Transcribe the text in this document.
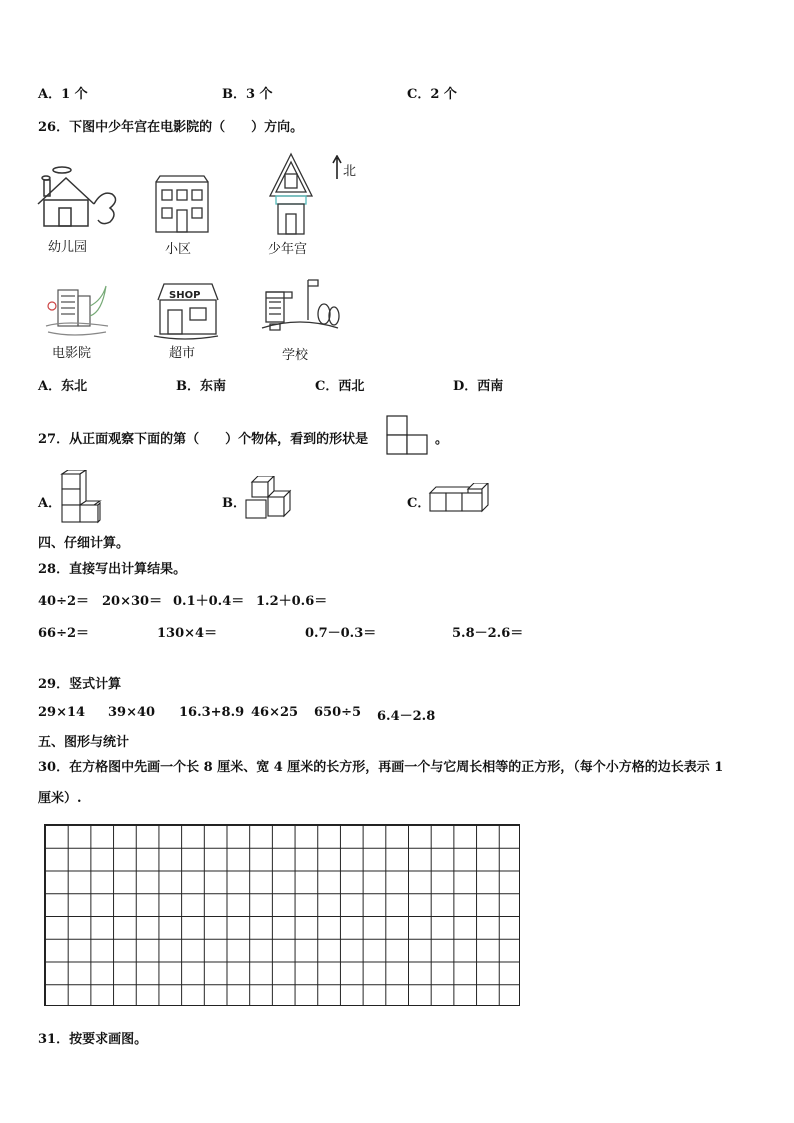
A．1 个	B．3 个	C．2 个
26．下图中少年宫在电影院的（　　）方向。
幼儿园	小区	少年宫
北
电影院
SHOP
超市	学校
A．东北	B．东南	C．西北	D．西南
27．从正面观察下面的第（　　）个物体，看到的形状是	。
A．	B．	C．
四、仔细计算。
28．直接写出计算结果。
40÷2＝ 20×30＝ 0.1＋0.4＝ 1.2＋0.6＝
66÷2＝	130×4＝	0.7－0.3＝	5.8－2.6＝
29．竖式计算
29×14 39×40 16.3+8.9 46×25 650÷5 6.4－2.8
五、图形与统计
30．在方格图中先画一个长 8 厘米、宽 4 厘米的长方形，再画一个与它周长相等的正方形，（每个小方格的边长表示 1
厘米）.
31．按要求画图。
